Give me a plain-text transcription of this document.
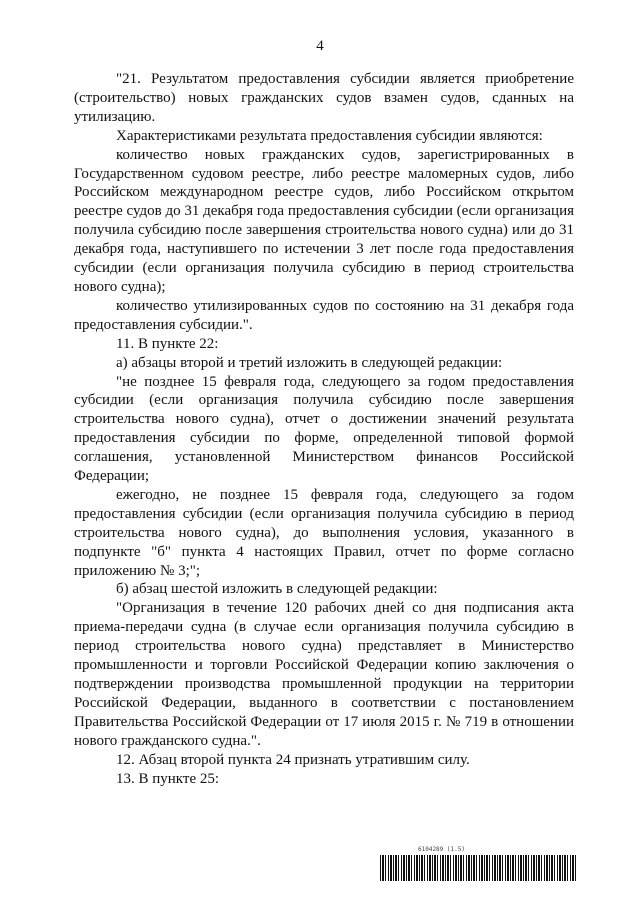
4

"21. Результатом предоставления субсидии является приобретение (строительство) новых гражданских судов взамен судов, сданных на утилизацию.

Характеристиками результата предоставления субсидии являются:

количество новых гражданских судов, зарегистрированных в Государственном судовом реестре, либо реестре маломерных судов, либо Российском международном реестре судов, либо Российском открытом реестре судов до 31 декабря года предоставления субсидии (если организация получила субсидию после завершения строительства нового судна) или до 31 декабря года, наступившего по истечении 3 лет после года предоставления субсидии (если организация получила субсидию в период строительства нового судна);

количество утилизированных судов по состоянию на 31 декабря года предоставления субсидии.".

11. В пункте 22:

а) абзацы второй и третий изложить в следующей редакции:

"не позднее 15 февраля года, следующего за годом предоставления субсидии (если организация получила субсидию после завершения строительства нового судна), отчет о достижении значений результата предоставления субсидии по форме, определенной типовой формой соглашения, установленной Министерством финансов Российской Федерации;

ежегодно, не позднее 15 февраля года, следующего за годом предоставления субсидии (если организация получила субсидию в период строительства нового судна), до выполнения условия, указанного в подпункте "б" пункта 4 настоящих Правил, отчет по форме согласно приложению № 3;";

б) абзац шестой изложить в следующей редакции:

"Организация в течение 120 рабочих дней со дня подписания акта приема-передачи судна (в случае если организация получила субсидию в период строительства нового судна) представляет в Министерство промышленности и торговли Российской Федерации копию заключения о подтверждении производства промышленной продукции на территории Российской Федерации, выданного в соответствии с постановлением Правительства Российской Федерации от 17 июля 2015 г. № 719 в отношении нового гражданского судна.".

12. Абзац второй пункта 24 признать утратившим силу.

13. В пункте 25:

6104289 (1.5)
